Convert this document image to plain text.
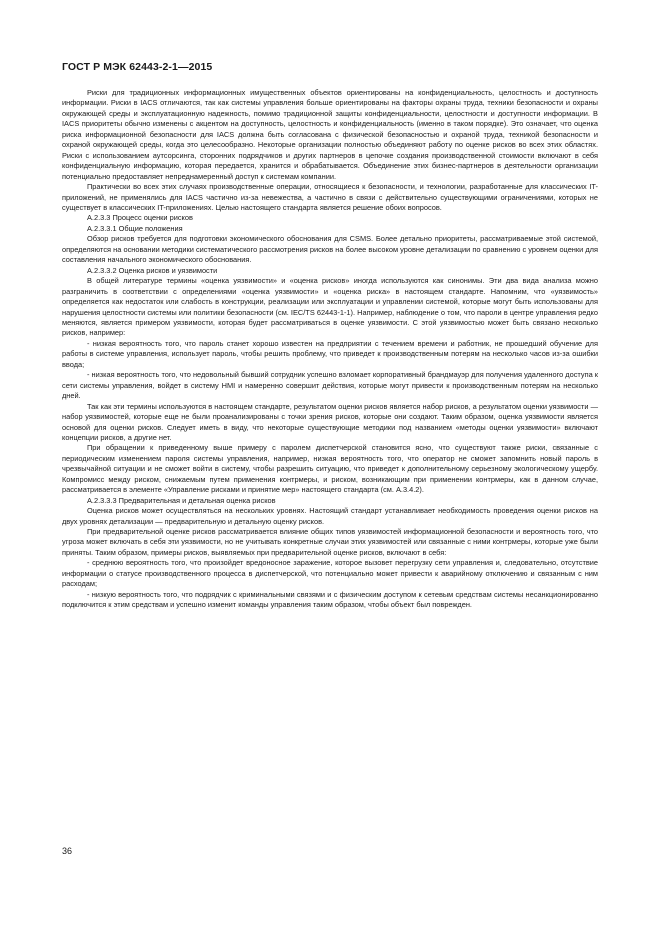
ГОСТ Р МЭК 62443-2-1—2015

Риски для традиционных информационных имущественных объектов ориентированы на конфиденциальность, целостность и доступность информации. Риски в IACS отличаются, так как системы управления больше ориентированы на факторы охраны труда, техники безопасности и охраны окружающей среды и эксплуатационную надежность, помимо традиционной защиты конфиденциальности, целостности и доступности информации. В IACS приоритеты обычно изменены с акцентом на доступность, целостность и конфиденциальность (именно в таком порядке). Это означает, что оценка риска информационной безопасности для IACS должна быть согласована с физической безопасностью и охраной труда, техникой безопасности и охраной окружающей среды, когда это целесообразно. Некоторые организации полностью объединяют работу по оценке рисков во всех этих областях. Риски с использованием аутсорсинга, сторонних подрядчиков и других партнеров в цепочке создания производственной стоимости включают в себя конфиденциальную информацию, которая передается, хранится и обрабатывается. Объединение этих бизнес-партнеров в деятельности организации потенциально предоставляет непреднамеренный доступ к системам компании.

Практически во всех этих случаях производственные операции, относящиеся к безопасности, и технологии, разработанные для классических IT-приложений, не применялись для IACS частично из-за невежества, а частично в связи с действительно существующими ограничениями, которых не существует в классических IT-приложениях. Целью настоящего стандарта является решение обоих вопросов.

A.2.3.3 Процесс оценки рисков

A.2.3.3.1 Общие положения

Обзор рисков требуется для подготовки экономического обоснования для CSMS. Более детально приоритеты, рассматриваемые этой системой, определяются на основании методики систематического рассмотрения рисков на более высоком уровне детализации по сравнению с уровнем оценки для составления начального экономического обоснования.

A.2.3.3.2 Оценка рисков и уязвимости

В общей литературе термины «оценка уязвимости» и «оценка рисков» иногда используются как синонимы. Эти два вида анализа можно разграничить в соответствии с определениями «оценка уязвимости» и «оценка риска» в настоящем стандарте. Напомним, что «уязвимость» определяется как недостаток или слабость в конструкции, реализации или эксплуатации и управлении системой, которые могут быть использованы для нарушения целостности системы или политики безопасности (см. IEC/TS 62443-1-1). Например, наблюдение о том, что пароли в центре управления редко меняются, является примером уязвимости, которая будет рассматриваться в оценке уязвимости. С этой уязвимостью может быть связано несколько рисков, например:

- низкая вероятность того, что пароль станет хорошо известен на предприятии с течением времени и работник, не прошедший обучение для работы в системе управления, использует пароль, чтобы решить проблему, что приведет к производственным потерям на несколько часов из-за ошибки ввода;

- низкая вероятность того, что недовольный бывший сотрудник успешно взломает корпоративный брандмауэр для получения удаленного доступа к сети системы управления, войдет в систему HMI и намеренно совершит действия, которые могут привести к производственным потерям на несколько дней.

Так как эти термины используются в настоящем стандарте, результатом оценки рисков является набор рисков, а результатом оценки уязвимости — набор уязвимостей, которые еще не были проанализированы с точки зрения рисков, которые они создают. Таким образом, оценка уязвимости является основой для оценки рисков. Следует иметь в виду, что некоторые существующие методики под названием «методы оценки уязвимости» включают концепции рисков, а другие нет.

При обращении к приведенному выше примеру с паролем диспетчерской становится ясно, что существуют также риски, связанные с периодическим изменением пароля системы управления, например, низкая вероятность того, что оператор не сможет запомнить новый пароль в чрезвычайной ситуации и не сможет войти в систему, чтобы разрешить ситуацию, что приведет к дополнительному серьезному экологическому ущербу. Компромисс между риском, снижаемым путем применения контрмеры, и риском, возникающим при применении контрмеры, как в данном случае, рассматривается в элементе «Управление рисками и принятие мер» настоящего стандарта (см. A.3.4.2).

A.2.3.3.3 Предварительная и детальная оценка рисков

Оценка рисков может осуществляться на нескольких уровнях. Настоящий стандарт устанавливает необходимость проведения оценки рисков на двух уровнях детализации — предварительную и детальную оценку рисков.

При предварительной оценке рисков рассматривается влияние общих типов уязвимостей информационной безопасности и вероятность того, что угроза может включать в себя эти уязвимости, но не учитывать конкретные случаи этих уязвимостей или связанные с ними контрмеры, которые уже были приняты. Таким образом, примеры рисков, выявляемых при предварительной оценке рисков, включают в себя:

- среднюю вероятность того, что произойдет вредоносное заражение, которое вызовет перегрузку сети управления и, следовательно, отсутствие информации о статусе производственного процесса в диспетчерской, что потенциально может привести к аварийному отключению и связанным с ним расходам;

- низкую вероятность того, что подрядчик с криминальными связями и с физическим доступом к сетевым средствам системы несанкционированно подключится к этим средствам и успешно изменит команды управления таким образом, чтобы объект был поврежден.

36
